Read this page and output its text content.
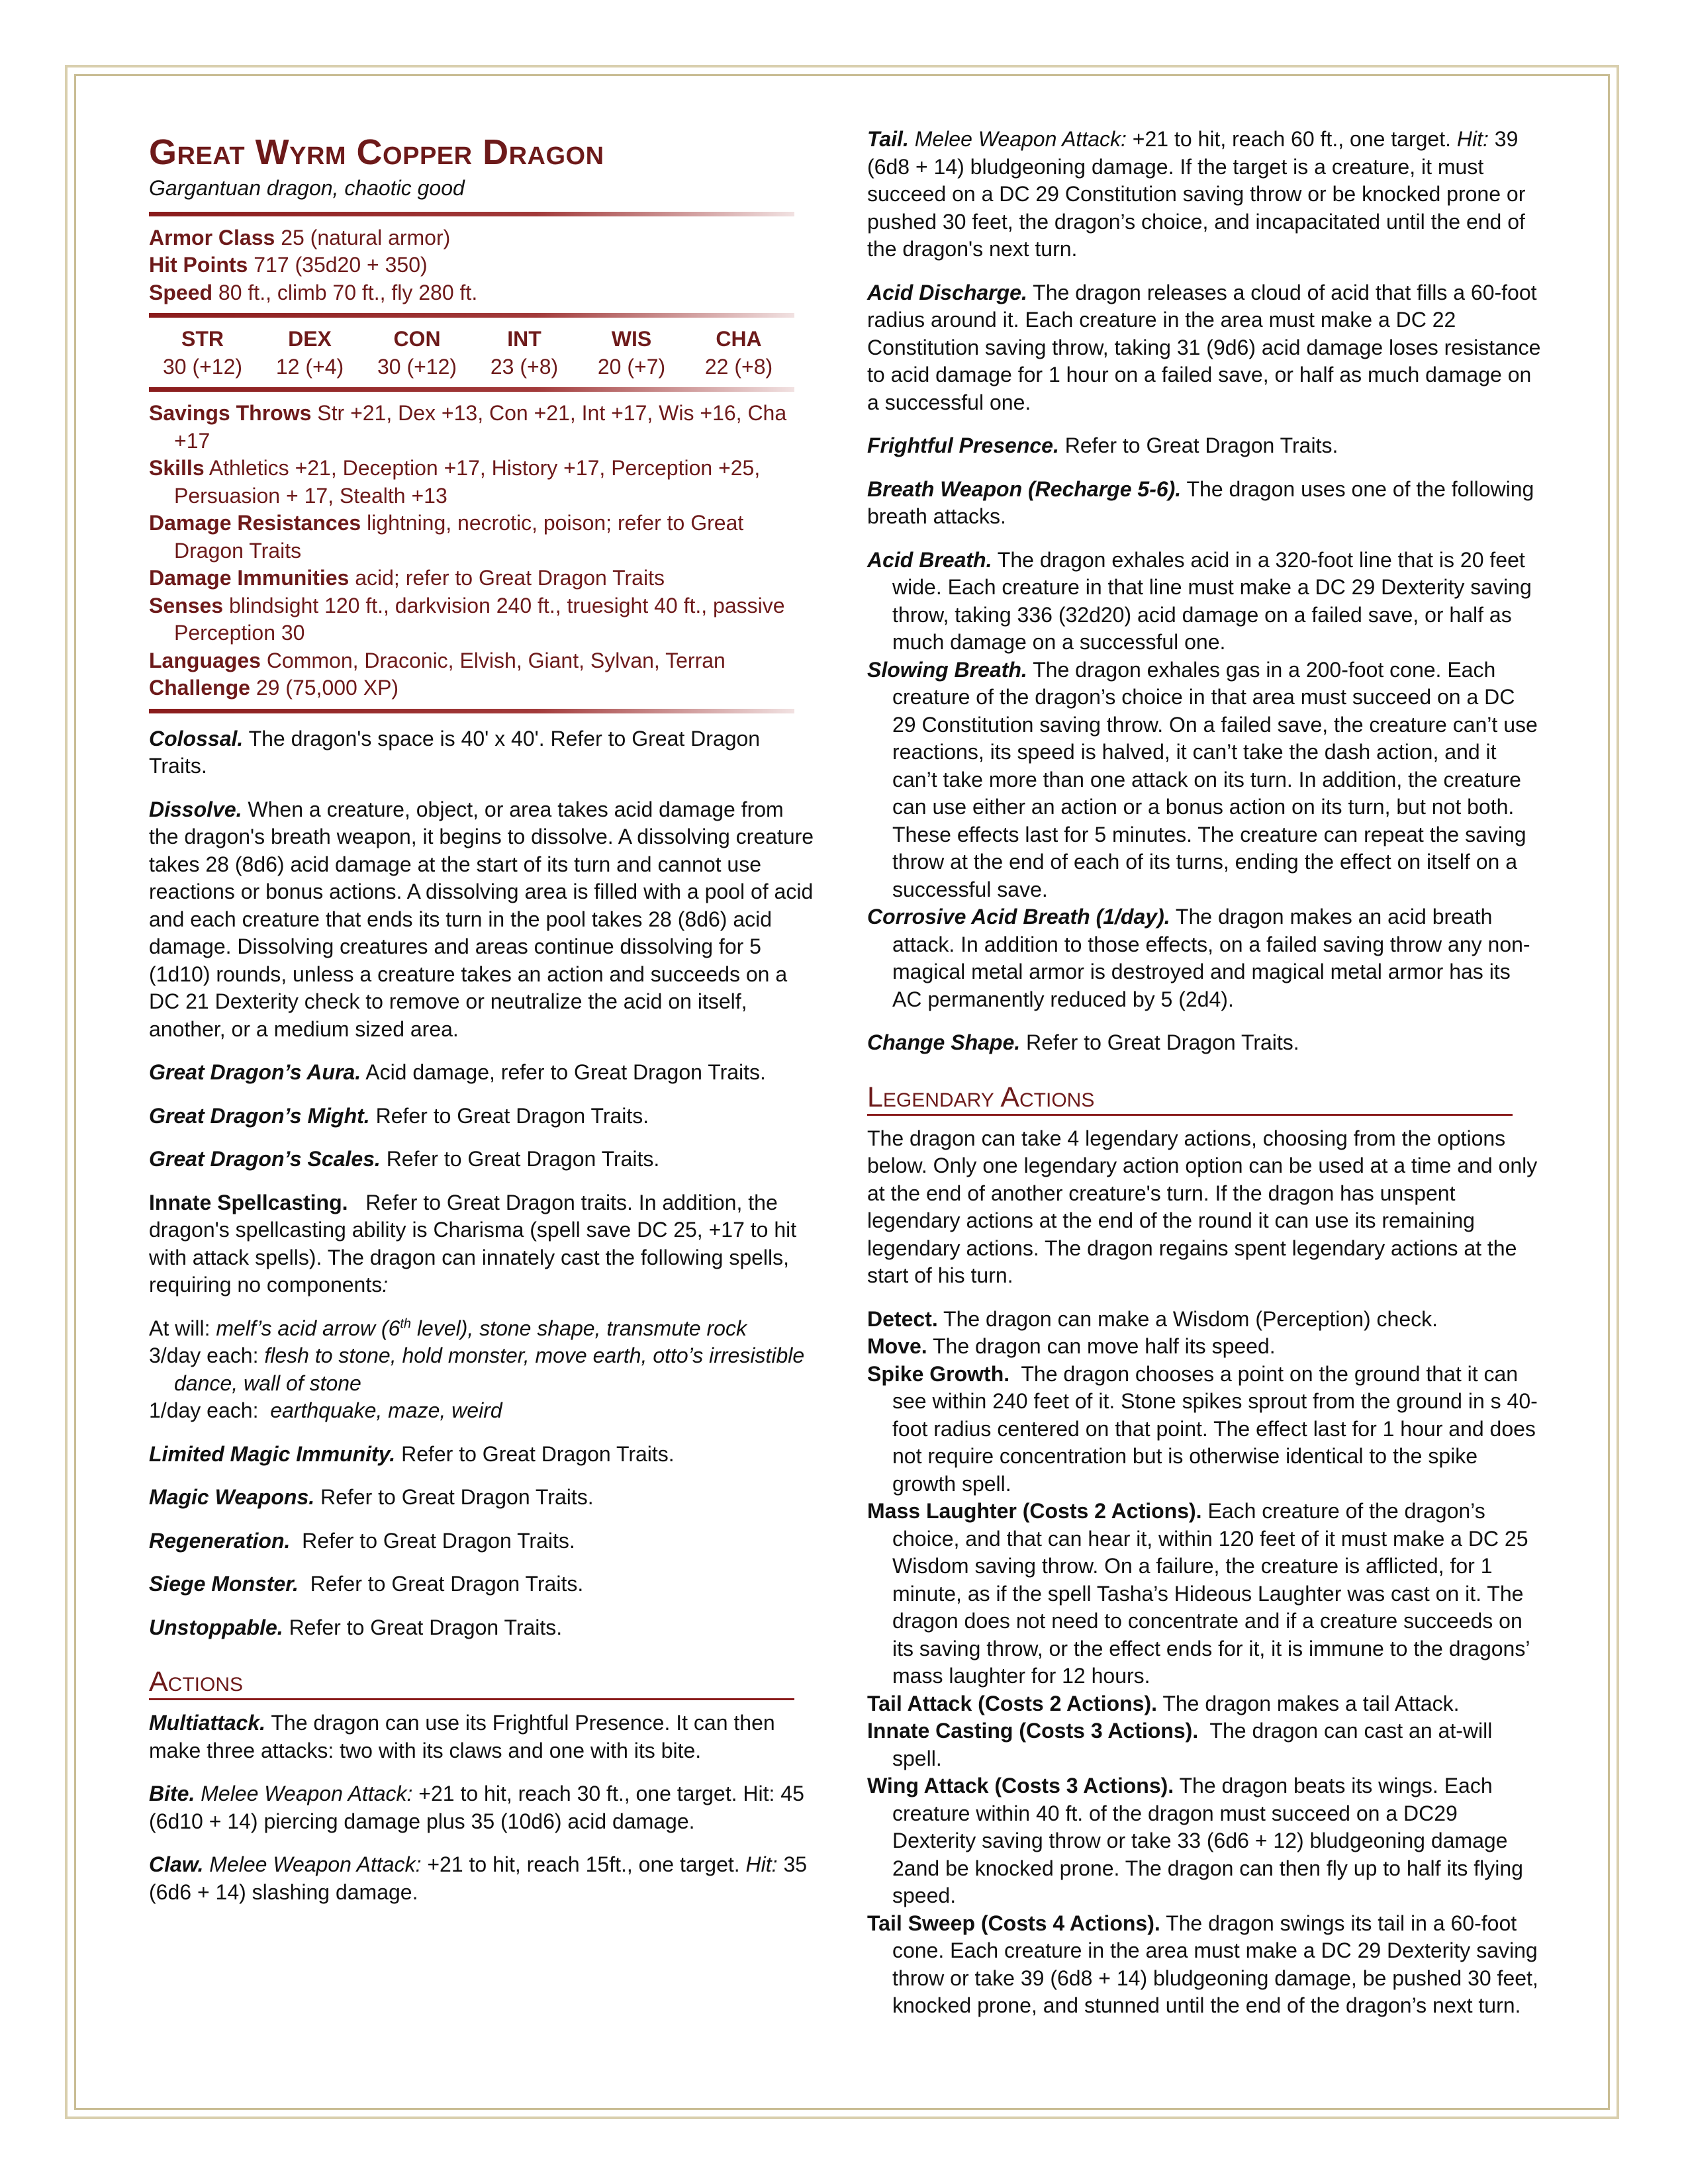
Great Wyrm Copper Dragon
Gargantuan dragon, chaotic good
Armor Class 25 (natural armor)
Hit Points 717 (35d20 + 350)
Speed 80 ft., climb 70 ft., fly 280 ft.
STR	DEX	CON	INT	WIS	CHA
30 (+12)	12 (+4)	30 (+12)	23 (+8)	20 (+7)	22 (+8)
Savings Throws Str +21, Dex +13, Con +21, Int +17, Wis +16, Cha +17
Skills Athletics +21, Deception +17, History +17, Perception +25, Persuasion + 17, Stealth +13
Damage Resistances lightning, necrotic, poison; refer to Great Dragon Traits
Damage Immunities acid; refer to Great Dragon Traits
Senses blindsight 120 ft., darkvision 240 ft., truesight 40 ft., passive Perception 30
Languages Common, Draconic, Elvish, Giant, Sylvan, Terran
Challenge 29 (75,000 XP)

Colossal. The dragon's space is 40' x 40'. Refer to Great Dragon Traits.

Dissolve. When a creature, object, or area takes acid damage from the dragon's breath weapon, it begins to dissolve. A dissolving creature takes 28 (8d6) acid damage at the start of its turn and cannot use reactions or bonus actions. A dissolving area is filled with a pool of acid and each creature that ends its turn in the pool takes 28 (8d6) acid damage. Dissolving creatures and areas continue dissolving for 5 (1d10) rounds, unless a creature takes an action and succeeds on a DC 21 Dexterity check to remove or neutralize the acid on itself, another, or a medium sized area.

Great Dragon’s Aura. Acid damage, refer to Great Dragon Traits.

Great Dragon’s Might. Refer to Great Dragon Traits.

Great Dragon’s Scales. Refer to Great Dragon Traits.

Innate Spellcasting. Refer to Great Dragon traits. In addition, the dragon's spellcasting ability is Charisma (spell save DC 25, +17 to hit with attack spells). The dragon can innately cast the following spells, requiring no components:

At will: melf’s acid arrow (6th level), stone shape, transmute rock
3/day each: flesh to stone, hold monster, move earth, otto’s irresistible dance, wall of stone
1/day each: earthquake, maze, weird

Limited Magic Immunity. Refer to Great Dragon Traits.

Magic Weapons. Refer to Great Dragon Traits.

Regeneration. Refer to Great Dragon Traits.

Siege Monster. Refer to Great Dragon Traits.

Unstoppable. Refer to Great Dragon Traits.

Actions

Multiattack. The dragon can use its Frightful Presence. It can then make three attacks: two with its claws and one with its bite.

Bite. Melee Weapon Attack: +21 to hit, reach 30 ft., one target. Hit: 45 (6d10 + 14) piercing damage plus 35 (10d6) acid damage.

Claw. Melee Weapon Attack: +21 to hit, reach 15ft., one target. Hit: 35 (6d6 + 14) slashing damage.

Tail. Melee Weapon Attack: +21 to hit, reach 60 ft., one target. Hit: 39 (6d8 + 14) bludgeoning damage. If the target is a creature, it must succeed on a DC 29 Constitution saving throw or be knocked prone or pushed 30 feet, the dragon’s choice, and incapacitated until the end of the dragon's next turn.

Acid Discharge. The dragon releases a cloud of acid that fills a 60-foot radius around it. Each creature in the area must make a DC 22 Constitution saving throw, taking 31 (9d6) acid damage loses resistance to acid damage for 1 hour on a failed save, or half as much damage on a successful one.

Frightful Presence. Refer to Great Dragon Traits.

Breath Weapon (Recharge 5-6). The dragon uses one of the following breath attacks.

Acid Breath. The dragon exhales acid in a 320-foot line that is 20 feet wide. Each creature in that line must make a DC 29 Dexterity saving throw, taking 336 (32d20) acid damage on a failed save, or half as much damage on a successful one.
Slowing Breath. The dragon exhales gas in a 200-foot cone. Each creature of the dragon’s choice in that area must succeed on a DC 29 Constitution saving throw. On a failed save, the creature can’t use reactions, its speed is halved, it can’t take the dash action, and it can’t take more than one attack on its turn. In addition, the creature can use either an action or a bonus action on its turn, but not both. These effects last for 5 minutes. The creature can repeat the saving throw at the end of each of its turns, ending the effect on itself on a successful save.
Corrosive Acid Breath (1/day). The dragon makes an acid breath attack. In addition to those effects, on a failed saving throw any non-magical metal armor is destroyed and magical metal armor has its AC permanently reduced by 5 (2d4).

Change Shape. Refer to Great Dragon Traits.

Legendary Actions

The dragon can take 4 legendary actions, choosing from the options below. Only one legendary action option can be used at a time and only at the end of another creature's turn. If the dragon has unspent legendary actions at the end of the round it can use its remaining legendary actions. The dragon regains spent legendary actions at the start of his turn.

Detect. The dragon can make a Wisdom (Perception) check.
Move. The dragon can move half its speed.
Spike Growth. The dragon chooses a point on the ground that it can see within 240 feet of it. Stone spikes sprout from the ground in s 40-foot radius centered on that point. The effect last for 1 hour and does not require concentration but is otherwise identical to the spike growth spell.
Mass Laughter (Costs 2 Actions). Each creature of the dragon’s choice, and that can hear it, within 120 feet of it must make a DC 25 Wisdom saving throw. On a failure, the creature is afflicted, for 1 minute, as if the spell Tasha’s Hideous Laughter was cast on it. The dragon does not need to concentrate and if a creature succeeds on its saving throw, or the effect ends for it, it is immune to the dragons’ mass laughter for 12 hours.
Tail Attack (Costs 2 Actions). The dragon makes a tail Attack.
Innate Casting (Costs 3 Actions). The dragon can cast an at-will spell.
Wing Attack (Costs 3 Actions). The dragon beats its wings. Each creature within 40 ft. of the dragon must succeed on a DC29 Dexterity saving throw or take 33 (6d6 + 12) bludgeoning damage 2and be knocked prone. The dragon can then fly up to half its flying speed.
Tail Sweep (Costs 4 Actions). The dragon swings its tail in a 60-foot cone. Each creature in the area must make a DC 29 Dexterity saving throw or take 39 (6d8 + 14) bludgeoning damage, be pushed 30 feet, knocked prone, and stunned until the end of the dragon’s next turn.
